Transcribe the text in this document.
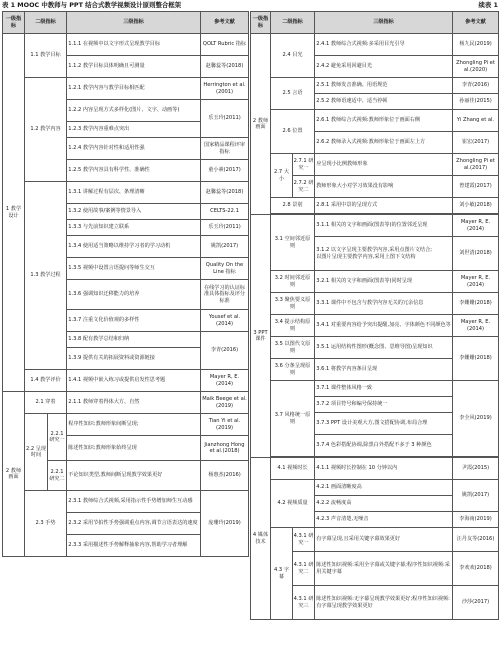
表 1 MOOC 中教师与 PPT 结合式教学视频设计原则整合框架	续表 1
一级指标	二级指标		三级指标	参考文献
1 教学设计	1.1 教学目标		1.1.1 在视频中以文字形式呈现教学目标	QOLT Rubric 指标
			1.1.2 教学目标具体明确且可测量	赵馨蕊等(2018)
	1.2 教学内容		1.2.1 教学内容与教学目标相匹配	Herrington et al.(2001)
			1.2.2 内容呈现方式多样化(图片、文字、动画等)	乐玉玲(2011)
			1.2.3 教学内容重难点突出	
			1.2.4 教学内容针对性和适用性强	国家精品课程评审指标
			1.2.5 教学内容具有科学性、准确性	童小素(2017)
	1.3 教学过程		1.3.1 讲解过程有层次、条理清晰	赵馨蕊等(2018)
			1.3.2 使用故事/案例等情景导入	CELTS-22.1
			1.3.3 与先前知识建立联系	乐玉玲(2011)
			1.3.4 使用适当策略以维持学习者的学习动机	姚凯(2017)
			1.3.5 视频中设置言语提问等师生交互	Quality On the Line 指标
			1.3.6 强调知识迁移能力的培养	在线学习的认证标准具体指标及评分标准
			1.3.7 注重文化价值观的多样性	Yousef et al.(2014)
			1.3.8 配有教学总结和归纳	李青(2016)
			1.3.9 提供有关的拓展资料或资源链接	
	1.4 教学评价		1.4.1 视频中嵌入练习或提供启发性思考题	Mayer R, E.(2014)
2 教师画面	2.1 穿着		2.1.1 教师穿着得体大方、自然	Maik Beege et al.(2019)
	2.2 呈现时间	2.2.1 研究一	程序性知识:教师形象间断呈现;	Tian Yi et al.(2019)
			陈述性知识:教师形象始终呈现	Jianzhong Hong et al.(2018)

		2.2.1 研究二	不论知识类型,教师间断呈现教学效果更好	杨惠杰(2016)
	2.3 手势		2.3.1 教师综合式视频,采用指示性手势增加师生互动感	庞珊玲(2019)
			2.3.2 采用节拍性手势强调重点内容,调节言语表达的速度	
			2.3.3 采用描述性手势解释抽象内容,帮助学习者理解	
一级指标	二级指标		三级指标	参考文献
2 教师画面	2.4 目光		2.4.1 教师综合式视频:多采用目光引导	杨九民(2019)
			2.4.2 避免采用回避目光	Zhongling Pi et al.(2020)
	2.5 言语		2.5.1 教师发音准确、用语规范	李青(2016)
			2.5.2 教师语速适中、适当停顿	孙丽佳(2015)
	2.6 位置		2.6.1 教师综合式视频:教师形象位于画面右侧	Yi Zhang et al.
			2.6.2 教师录入式视频:教师形象位于画面左上方	崔宏(2017)
	2.7 大小	2.7.1 研究一	应呈现小比例教师形象	Zhongling Pi et al.(2017)
		2.7.2 研究二	教师形象大小对学习效果没有影响	曾建霞(2017)
	2.8 景别		2.8.1 采用中景的呈现方式	刘小敏(2018)

3 PPT 课件	3.1 空间邻近原则		3.1.1 相关的文字和画面(图表等)的位置邻近呈现	Mayer R, E.(2014)

			3.1.2 以文字呈现主要教学内容,采用点图片文结合;
以图片呈现主要教学内容,采用上图下文结构	刘世清(2018)
	3.2 时间邻近原则		3.2.1 相关的文字和画面(图表等)同时呈现	Mayer R, E.(2014)
	3.3 聚焦要义原则		3.3.1 课件中不包含与教学内容无关的冗余信息	李姗姗(2018)
	3.4 提示结构原则		3.4.1 对重要内容给予突出提醒,加亮、字体颜色不同颜色等	Mayer R, E.(2014)
	3.5 以图代文原则		3.5.1 运用结构性图形(概念图、思维导图)呈现知识	李姗姗(2018)
	3.6 分条呈现原则		3.6.1 将教学内容条目呈现	
	3.7 风格统一原则		3.7.1 课件整体风格一致	李全风(2019)
			3.7.2 项目符号和编号保持统一	
			3.7.3 PPT 设计美观大方,图文搭配协调,布局合理	
			3.7.4 色彩搭配协调,除黑白外搭配不多于 3 种颜色	

4 媒体技术	4.1 视频时长		4.1.1 视频时长控制在 10 分钟以内	尹霞(2015)
	4.2 视频质量		4.2.1 画面清晰度高	姚凯(2017)
			4.2.2 流畅度高	
			4.2.3 声音清楚,无噪音	李海南(2019)
	4.3 字幕	4.3.1 研究一	有字幕呈现,且采用关键字幕效果更好	汪丹友等(2016)
		4.3.1 研究二	陈述性知识视频:采用全字幕或关键字幕;程序性知识视频:采用关键字幕	李欢欢(2018)
		4.3.1 研究三	陈述性知识视频:无字幕呈现教学效果更好;程序性知识视频:有字幕呈现教学效果更好	沙莎(2017)
